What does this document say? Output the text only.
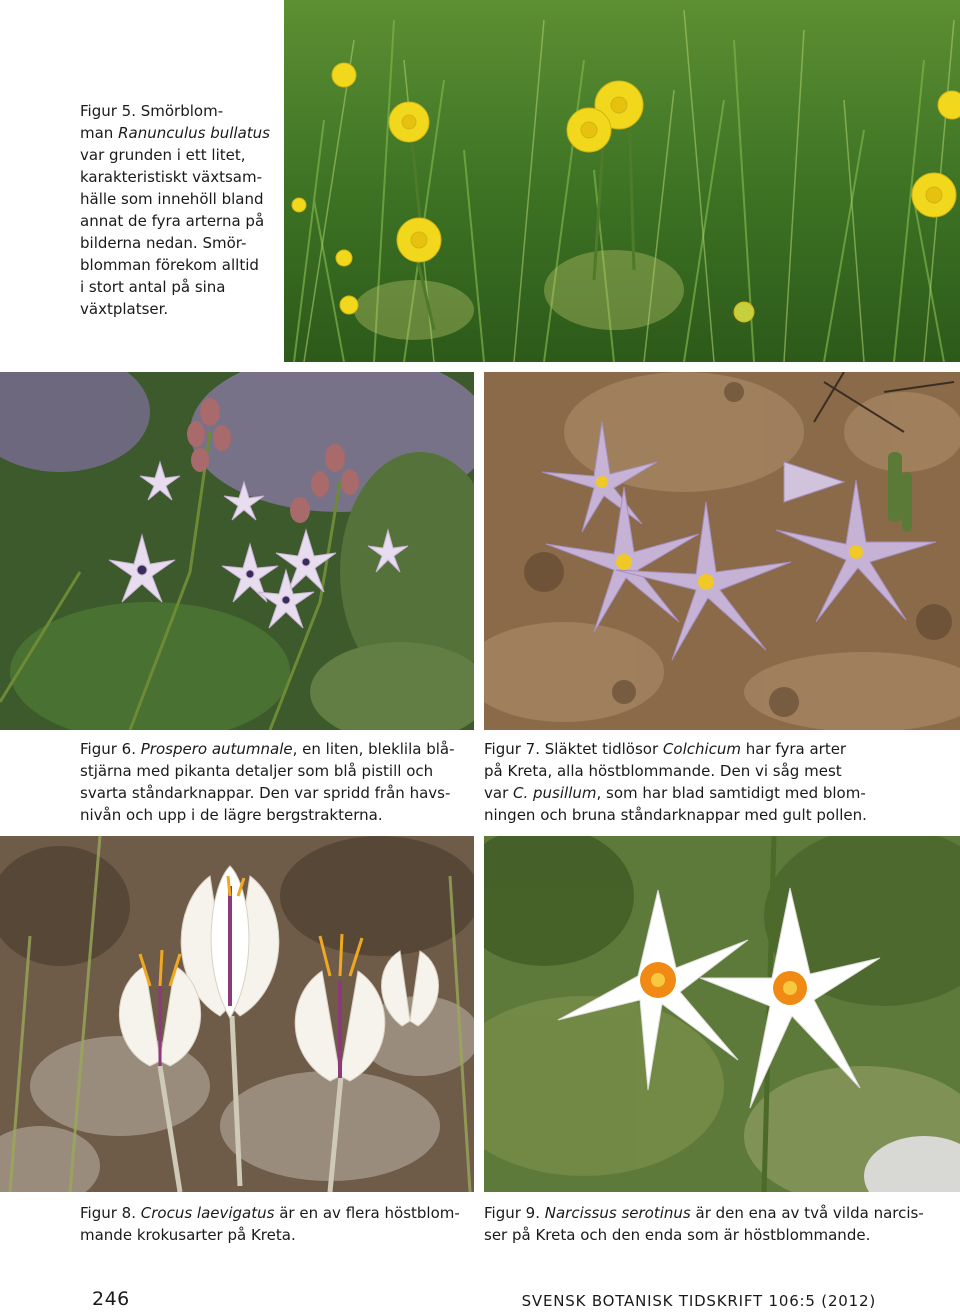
Figur 5. Smörblom-
man Ranunculus bullatus
var grunden i ett litet,
karakteristiskt växtsam-
hälle som innehöll bland
annat de fyra arterna på
bilderna nedan. Smör-
blomman förekom alltid
i stort antal på sina
växtplatser.
Figur 6. Prospero autumnale, en liten, bleklila blå-
stjärna med pikanta detaljer som blå pistill och
svarta ståndarknappar. Den var spridd från havs-
nivån och upp i de lägre bergstrakterna.
Figur 7. Släktet tidlösor Colchicum har fyra arter
på Kreta, alla höstblommande. Den vi såg mest
var C. pusillum, som har blad samtidigt med blom-
ningen och bruna ståndarknappar med gult pollen.
Figur 8. Crocus laevigatus är en av flera höstblom-
mande krokusarter på Kreta.
Figur 9. Narcissus serotinus är den ena av två vilda narcis-
ser på Kreta och den enda som är höstblommande.
246	SVENSK BOTANISK TIDSKRIFT 106:5 (2012)
